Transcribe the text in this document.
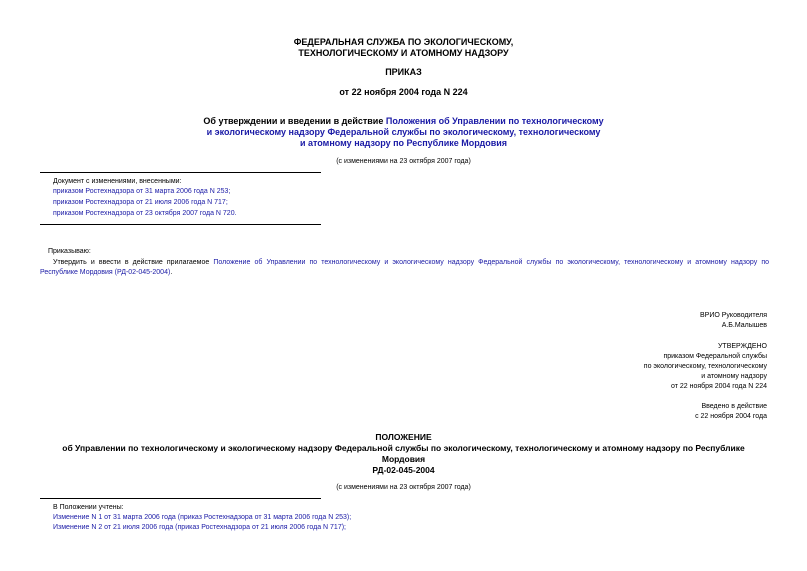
ФЕДЕРАЛЬНАЯ СЛУЖБА ПО ЭКОЛОГИЧЕСКОМУ,
ТЕХНОЛОГИЧЕСКОМУ И АТОМНОМУ НАДЗОРУ
ПРИКАЗ
от 22 ноября 2004 года N 224
Об утверждении и введении в действие Положения об Управлении по технологическому
и экологическому надзору Федеральной службы по экологическому, технологическому
и атомному надзору по Республике Мордовия
(с изменениями на 23 октября 2007 года)
Документ с изменениями, внесенными:
приказом Ростехнадзора от 31 марта 2006 года N 253;
приказом Ростехнадзора от 21 июля 2006 года N 717;
приказом Ростехнадзора от 23 октября 2007 года N 720.
Приказываю:
Утвердить и ввести в действие прилагаемое Положение об Управлении по технологическому и экологическому надзору Федеральной службы по экологическому, технологическому и атомному надзору по
Республике Мордовия (РД-02-045-2004).
ВРИО Руководителя
А.Б.Малышев
УТВЕРЖДЕНО
приказом Федеральной службы
по экологическому, технологическому
и атомному надзору
от 22 ноября 2004 года N 224
Введено в действие
с 22 ноября 2004 года
ПОЛОЖЕНИЕ
об Управлении по технологическому и экологическому надзору Федеральной службы по экологическому, технологическому и атомному надзору по Республике
Мордовия
РД-02-045-2004
(с изменениями на 23 октября 2007 года)
В Положении учтены:
Изменение N 1 от 31 марта 2006 года (приказ Ростехнадзора от 31 марта 2006 года N 253);
Изменение N 2 от 21 июля 2006 года (приказ Ростехнадзора от 21 июля 2006 года N 717);
